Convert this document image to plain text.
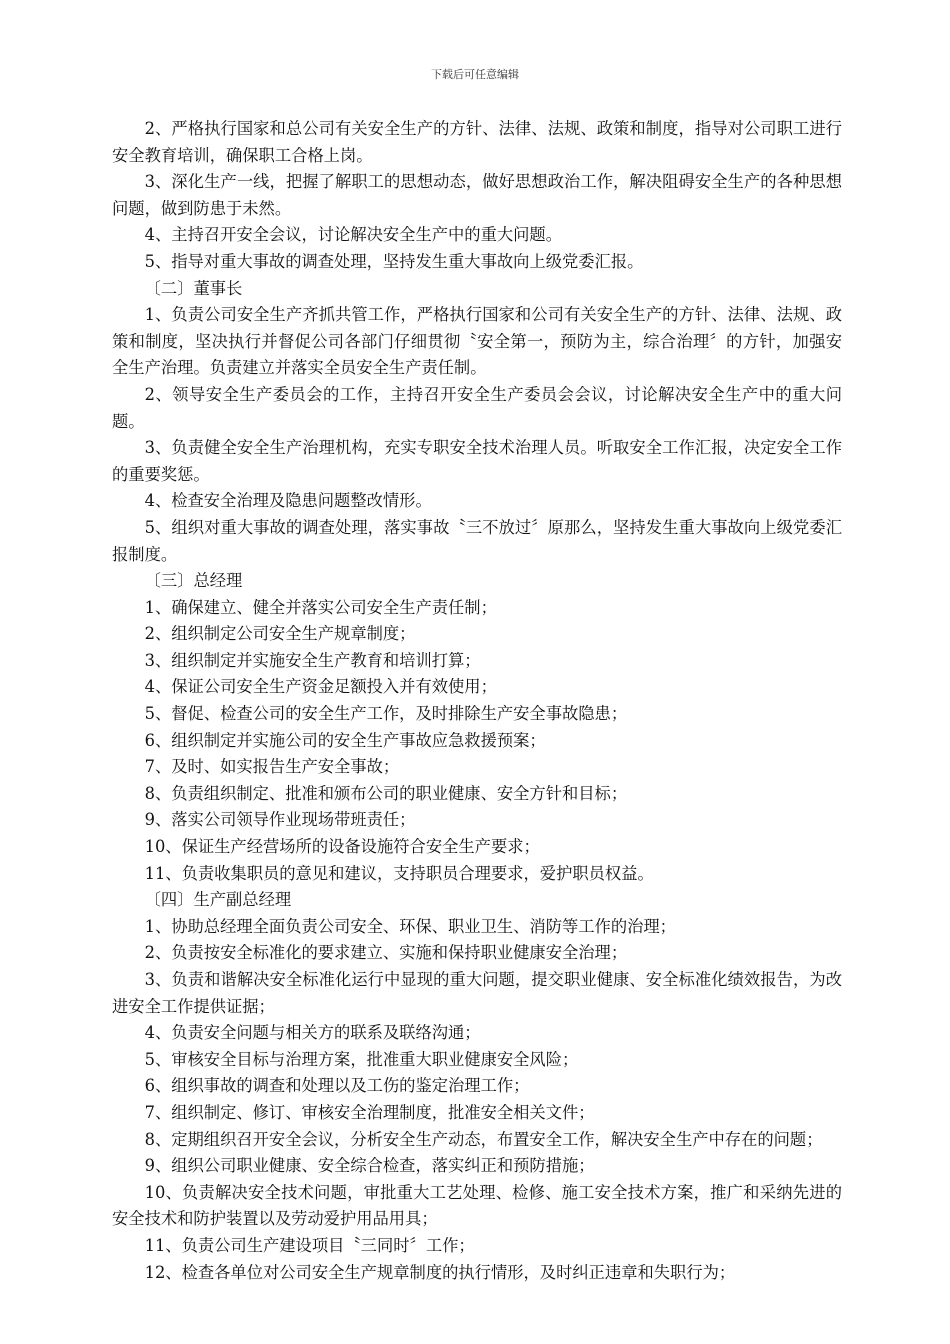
下载后可任意编辑

2、严格执行国家和总公司有关安全生产的方针、法律、法规、政策和制度，指导对公司职工进行安全教育培训，确保职工合格上岗。

3、深化生产一线，把握了解职工的思想动态，做好思想政治工作，解决阻碍安全生产的各种思想问题，做到防患于未然。

4、主持召开安全会议，讨论解决安全生产中的重大问题。

5、指导对重大事故的调查处理，坚持发生重大事故向上级党委汇报。

〔二〕董事长

1、负责公司安全生产齐抓共管工作，严格执行国家和公司有关安全生产的方针、法律、法规、政策和制度，坚决执行并督促公司各部门仔细贯彻〝安全第一，预防为主，综合治理〞的方针，加强安全生产治理。负责建立并落实全员安全生产责任制。

2、领导安全生产委员会的工作，主持召开安全生产委员会会议，讨论解决安全生产中的重大问题。

3、负责健全安全生产治理机构，充实专职安全技术治理人员。听取安全工作汇报，决定安全工作的重要奖惩。

4、检查安全治理及隐患问题整改情形。

5、组织对重大事故的调查处理，落实事故〝三不放过〞原那么，坚持发生重大事故向上级党委汇报制度。

〔三〕总经理

1、确保建立、健全并落实公司安全生产责任制；

2、组织制定公司安全生产规章制度；

3、组织制定并实施安全生产教育和培训打算；

4、保证公司安全生产资金足额投入并有效使用；

5、督促、检查公司的安全生产工作，及时排除生产安全事故隐患；

6、组织制定并实施公司的安全生产事故应急救援预案；

7、及时、如实报告生产安全事故；

8、负责组织制定、批准和颁布公司的职业健康、安全方针和目标；

9、落实公司领导作业现场带班责任；

10、保证生产经营场所的设备设施符合安全生产要求；

11、负责收集职员的意见和建议，支持职员合理要求，爱护职员权益。

〔四〕生产副总经理

1、协助总经理全面负责公司安全、环保、职业卫生、消防等工作的治理；

2、负责按安全标准化的要求建立、实施和保持职业健康安全治理；

3、负责和谐解决安全标准化运行中显现的重大问题，提交职业健康、安全标准化绩效报告，为改进安全工作提供证据；

4、负责安全问题与相关方的联系及联络沟通；

5、审核安全目标与治理方案，批准重大职业健康安全风险；

6、组织事故的调查和处理以及工伤的鉴定治理工作；

7、组织制定、修订、审核安全治理制度，批准安全相关文件；

8、定期组织召开安全会议，分析安全生产动态，布置安全工作，解决安全生产中存在的问题；

9、组织公司职业健康、安全综合检查，落实纠正和预防措施；

10、负责解决安全技术问题，审批重大工艺处理、检修、施工安全技术方案，推广和采纳先进的安全技术和防护装置以及劳动爱护用品用具；

11、负责公司生产建设项目〝三同时〞工作；

12、检查各单位对公司安全生产规章制度的执行情形，及时纠正违章和失职行为；
